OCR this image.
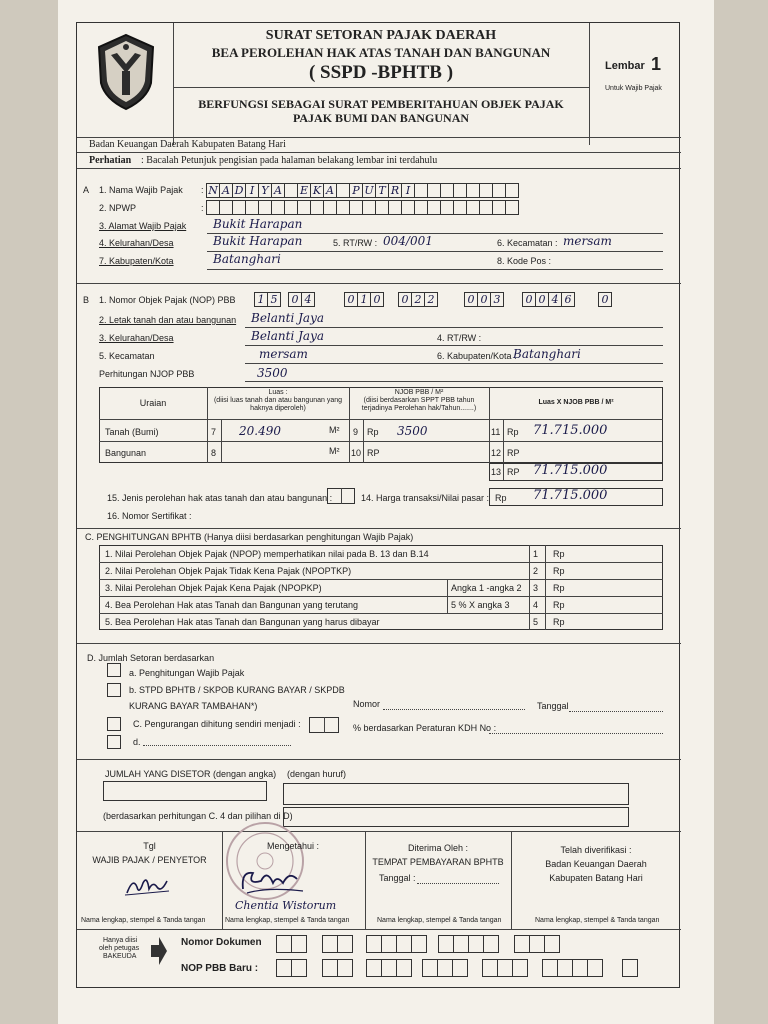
SURAT SETORAN PAJAK DAERAH
BEA PEROLEHAN HAK ATAS TANAH DAN BANGUNAN
( SSPD -BPHTB )
BERFUNGSI SEBAGAI SURAT PEMBERITAHUAN OBJEK PAJAK
PAJAK BUMI DAN BANGUNAN
Lembar 1
Untuk Wajib Pajak
Badan Keuangan Daerah Kabupaten Batang Hari
Perhatian : Bacalah Petunjuk pengisian pada halaman belakang lembar ini terdahulu
A 1. Nama Wajib Pajak : N A D I Y A E K A P U T R I
2. NPWP	:
3. Alamat Wajib Pajak Bukit Harapan
4. Kelurahan/Desa	Bukit Harapan	5. RT/RW : 004/001	6. Kecamatan : mersam
7. Kabupaten/Kota	Batanghari	8. Kode Pos :
B 1. Nomor Objek Pajak (NOP) PBB	1 5	0 4	0 1 0	0 2 2	0 0 3	0 0 4 6	0
2. Letak tanah dan atau bangunan Belanti Jaya
3. Kelurahan/Desa	Belanti Jaya	4. RT/RW :
5. Kecamatan	mersam	6. Kabupaten/Kota :
Batanghari
Perhitungan NJOP PBB	3500
Uraian
Luas :
(diisi luas tanah dan atau bangunan yang haknya diperoleh)
NJOB PBB / M²
(diisi berdasarkan SPPT PBB tahun terjadinya Perolehan hak/Tahun.......)
Luas X NJOB PBB / M²
Tanah (Bumi)	7 20.490	M² 9 Rp 3500	11 Rp 71.715.000
Bangunan	8	M² 10 RP	12 RP
13 RP 71.715.000
15. Jenis perolehan hak atas tanah dan atau bangunan :	14. Harga transaksi/Nilai pasar : Rp 71.715.000
16. Nomor Sertifikat :
C. PENGHITUNGAN BPHTB (Hanya diisi berdasarkan penghitungan Wajib Pajak)
1. Nilai Perolehan Objek Pajak (NPOP) memperhatikan nilai pada B. 13 dan B.14	1 Rp
2. Nilai Perolehan Objek Pajak Tidak Kena Pajak (NPOPTKP)	2 Rp
3. Nilai Perolehan Objek Pajak Kena Pajak (NPOPKP)	Angka 1 -angka 2 3 Rp
4. Bea Perolehan Hak atas Tanah dan Bangunan yang terutang	5 % X angka 3	4 Rp
5. Bea Perolehan Hak atas Tanah dan Bangunan yang harus dibayar	5 Rp
D. Jumlah Setoran berdasarkan
a. Penghitungan Wajib Pajak
b. STPD BPHTB / SKPOB KURANG BAYAR / SKPDB
KURANG BAYAR TAMBAHAN*)	Nomor	Tanggal
C. Pengurangan dihitung sendiri menjadi :	% berdasarkan Peraturan KDH No :
d.
JUMLAH YANG DISETOR (dengan angka) (dengan huruf)
(berdasarkan perhitungan C. 4 dan pilihan di D)
Tgl
WAJIB PAJAK / PENYETOR
Nama lengkap, stempel & Tanda tangan
Mengetahui :
Chentia Wistorum
Nama lengkap, stempel & Tanda tangan
Diterima Oleh :
TEMPAT PEMBAYARAN BPHTB
Tanggal :
Nama lengkap, stempel & Tanda tangan
Telah diverifikasi :
Badan Keuangan Daerah
Kabupaten Batang Hari
Nama lengkap, stempel & Tanda tangan
Hanya diisi
oleh petugas
BAKEUDA
Nomor Dokumen
NOP PBB Baru :
